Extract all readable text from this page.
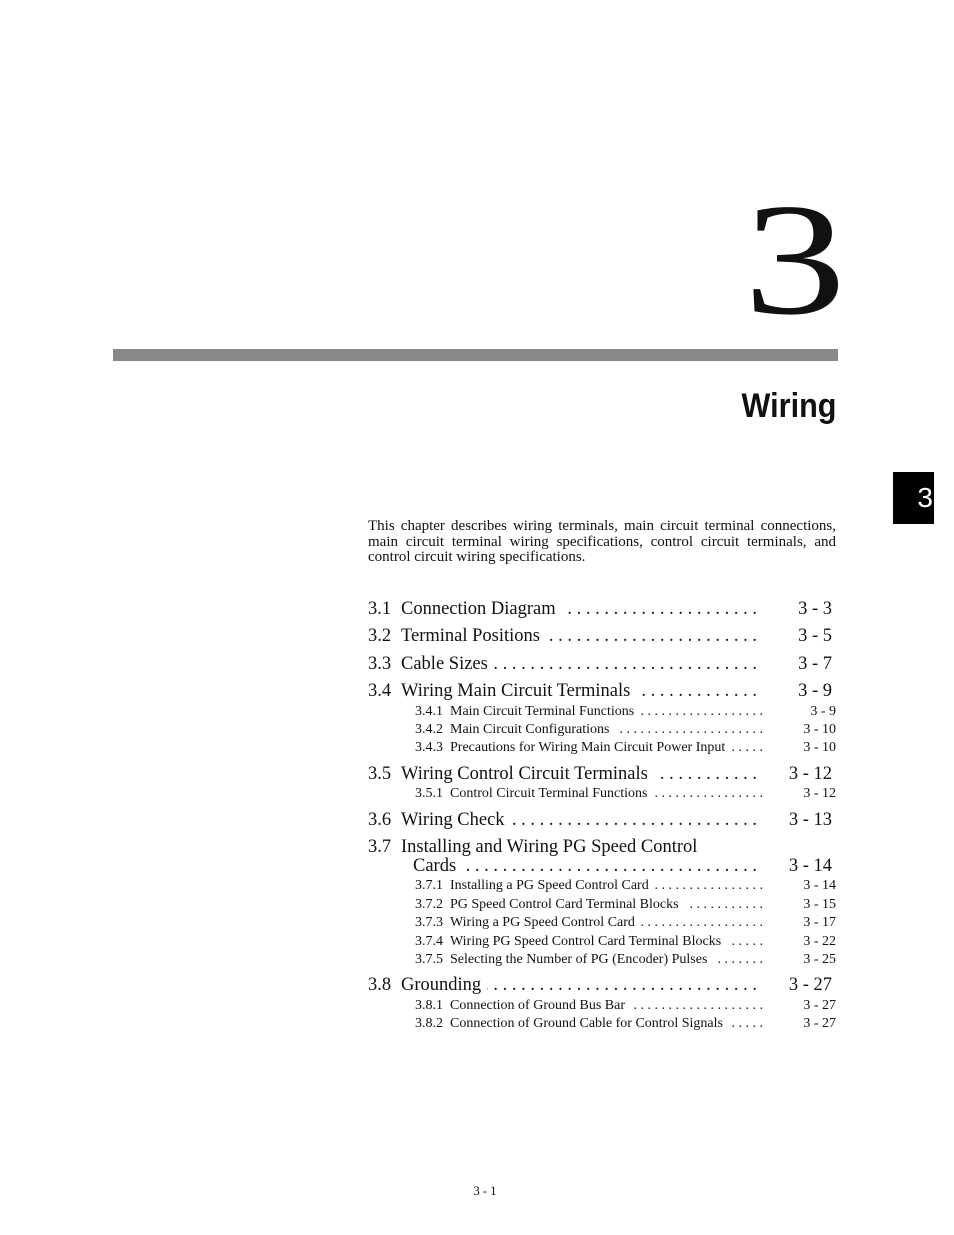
3
Wiring
3
This chapter describes wiring terminals, main circuit terminal connections,
main circuit terminal wiring specifications, control circuit terminals, and
control circuit wiring specifications.
3.1 Connection Diagram . . .	3 - 3
3.2 Terminal Positions . . .	3 - 5
3.3 Cable Sizes . . .	3 - 7
3.4 Wiring Main Circuit Terminals . . .	3 - 9
3.4.1 Main Circuit Terminal Functions . . .	3 - 9
3.4.2 Main Circuit Configurations . . .	3 - 10
3.4.3 Precautions for Wiring Main Circuit Power Input . . .	3 - 10
3.5 Wiring Control Circuit Terminals . . .	3 - 12
3.5.1 Control Circuit Terminal Functions . . .	3 - 12
3.6 Wiring Check . . .	3 - 13
3.7 Installing and Wiring PG Speed Control
Cards . . .	3 - 14
3.7.1 Installing a PG Speed Control Card . . .	3 - 14
3.7.2 PG Speed Control Card Terminal Blocks . . .	3 - 15
3.7.3 Wiring a PG Speed Control Card . . .	3 - 17
3.7.4 Wiring PG Speed Control Card Terminal Blocks . . .	3 - 22
3.7.5 Selecting the Number of PG (Encoder) Pulses . . .	3 - 25
3.8 Grounding . . .	3 - 27
3.8.1 Connection of Ground Bus Bar . . .	3 - 27
3.8.2 Connection of Ground Cable for Control Signals . . .	3 - 27
3 - 1
